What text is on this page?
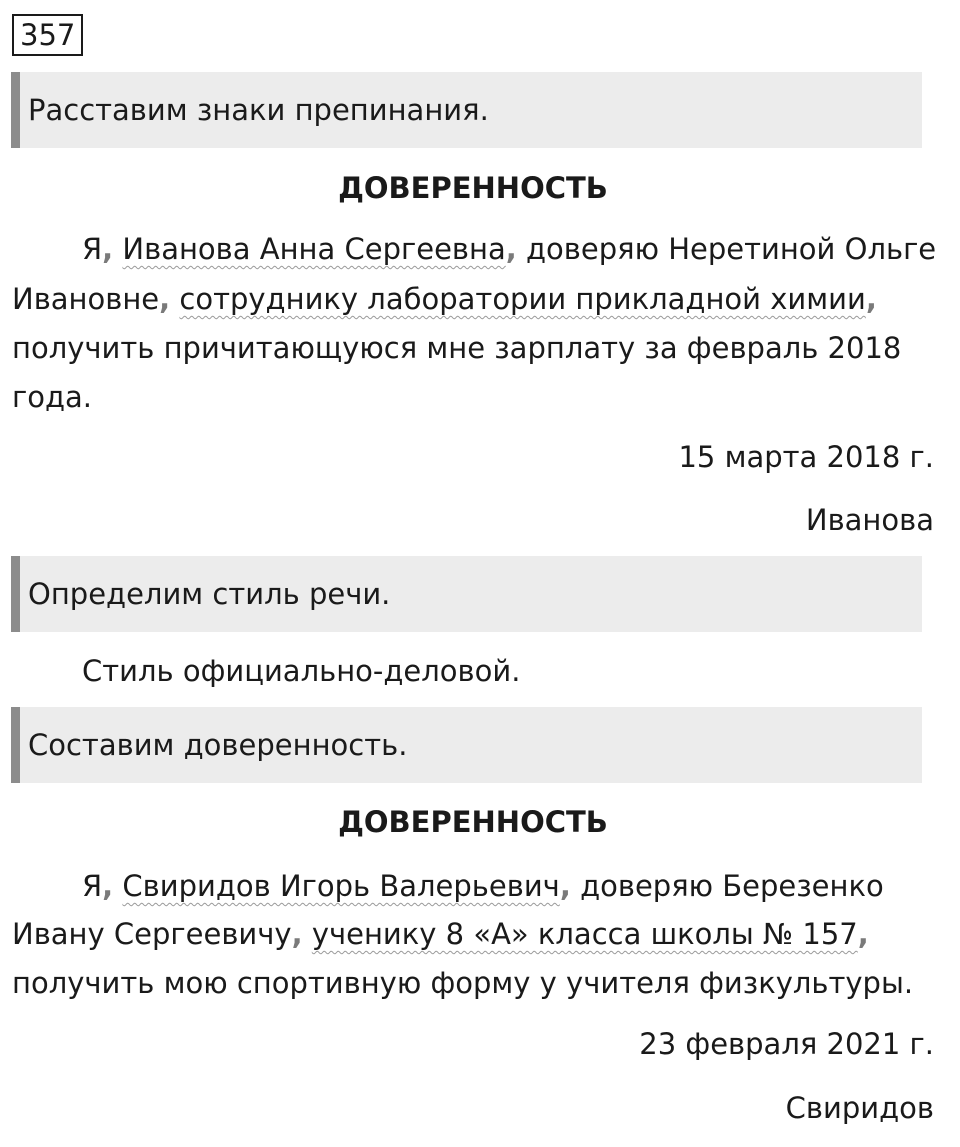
357
Расставим знаки препинания.
ДОВЕРЕННОСТЬ
Я, Иванова Анна Сергеевна, доверяю Неретиной Ольге
Ивановне, сотруднику лаборатории прикладной химии,
получить причитающуюся мне зарплату за февраль 2018
года.
15 марта 2018 г.
Иванова
Определим стиль речи.
Стиль официально-деловой.
Составим доверенность.
ДОВЕРЕННОСТЬ
Я, Свиридов Игорь Валерьевич, доверяю Березенко
Ивану Сергеевичу, ученику 8 «А» класса школы № 157,
получить мою спортивную форму у учителя физкультуры.
23 февраля 2021 г.
Свиридов
